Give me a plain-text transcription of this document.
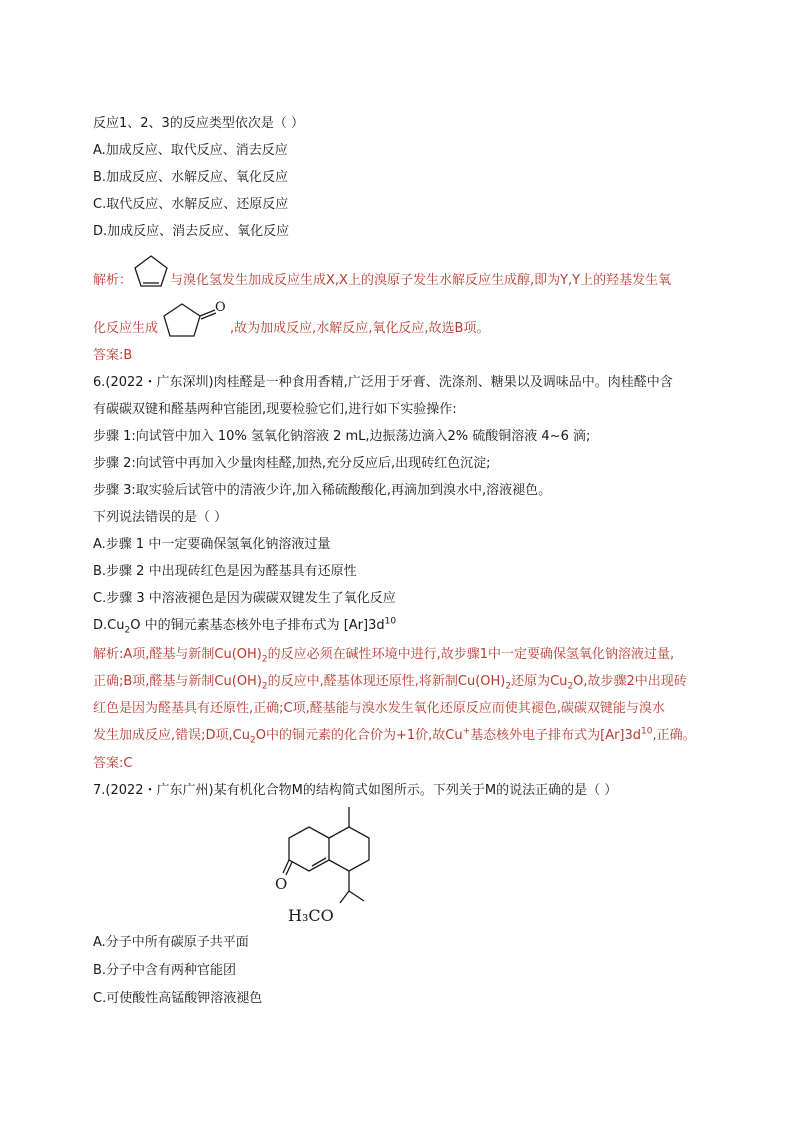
反应1、2、3的反应类型依次是（ ）
A.加成反应、取代反应、消去反应
B.加成反应、水解反应、氧化反应
C.取代反应、水解反应、还原反应
D.加成反应、消去反应、氧化反应
解析：	与溴化氢发生加成反应生成X,X上的溴原子发生水解反应生成醇,即为Y,Y上的羟基发生氧
化反应生成
O
,故为加成反应,水解反应,氧化反应,故选B项。
答案:B
6.(2022・广东深圳)肉桂醛是一种食用香精,广泛用于牙膏、洗涤剂、糖果以及调味品中。肉桂醛中含
有碳碳双键和醛基两种官能团,现要检验它们,进行如下实验操作:
步骤 1:向试管中加入 10% 氢氧化钠溶液 2 mL,边振荡边滴入2% 硫酸铜溶液 4~6 滴;
步骤 2:向试管中再加入少量肉桂醛,加热,充分反应后,出现砖红色沉淀;
步骤 3:取实验后试管中的清液少许,加入稀硫酸酸化,再滴加到溴水中,溶液褪色。
下列说法错误的是（ ）
A.步骤 1 中一定要确保氢氧化钠溶液过量
B.步骤 2 中出现砖红色是因为醛基具有还原性
C.步骤 3 中溶液褪色是因为碳碳双键发生了氧化反应
$D.Cu_2O$ 中的铜元素基态核外电子排布式为 $[Ar]3d^{10}$
解析:A项,醛基与新制$Cu(OH)_2$的反应必须在碱性环境中进行,故步骤1中一定要确保氢氧化钠溶液过量,
正确;B项,醛基与新制$Cu(OH)_2$的反应中,醛基体现还原性,将新制$Cu(OH)_2$还原为$Cu_2O$,故步骤2中出现砖
红色是因为醛基具有还原性,正确;C项,醛基能与溴水发生氧化还原反应而使其褪色,碳碳双键能与溴水
发生加成反应,错误;D项$,Cu_2O$中的铜元素的化合价为+1价,故Cu+基态核外电子排布式为$[Ar]3d^{10}$,正确。
答案:C
7.(2022・广东广州)某有机化合物M的结构简式如图所示。下列关于M的说法正确的是（ ）
O
H₃CO
A.分子中所有碳原子共平面
B.分子中含有两种官能团
C.可使酸性高锰酸钾溶液褪色
